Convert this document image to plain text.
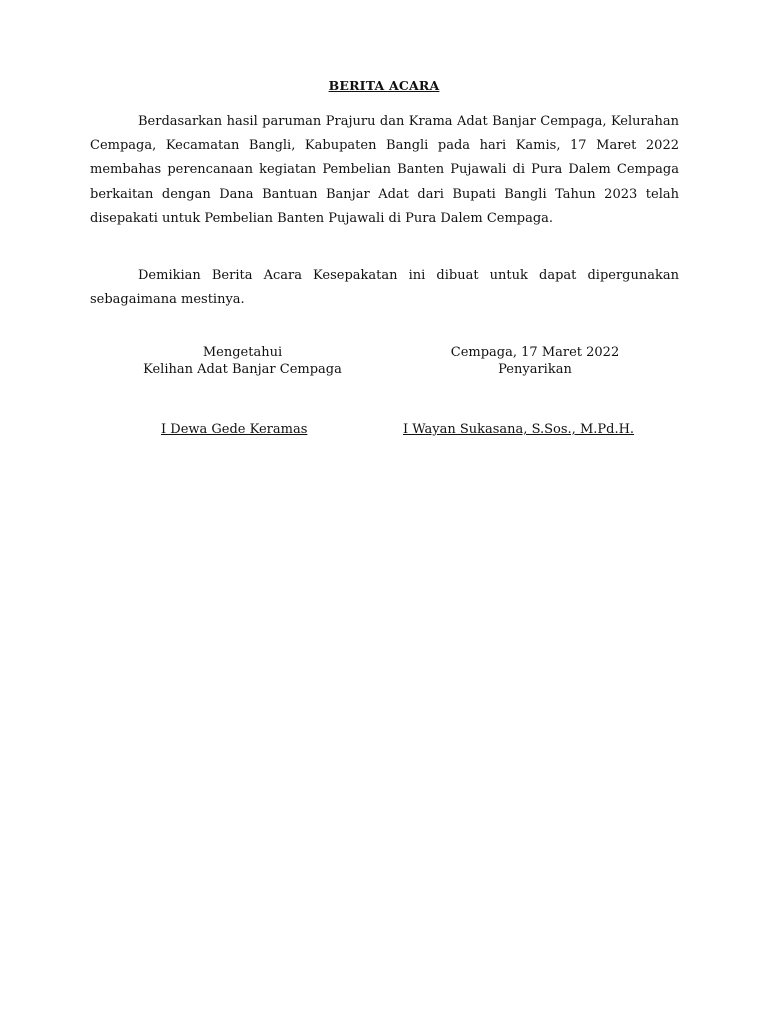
BERITA ACARA

Berdasarkan hasil paruman Prajuru dan Krama Adat Banjar Cempaga, Kelurahan Cempaga, Kecamatan Bangli, Kabupaten Bangli pada hari Kamis, 17 Maret 2022 membahas perencanaan kegiatan Pembelian Banten Pujawali di Pura Dalem Cempaga berkaitan dengan Dana Bantuan Banjar Adat dari Bupati Bangli Tahun 2023 telah disepakati untuk Pembelian Banten Pujawali di Pura Dalem Cempaga.

Demikian Berita Acara Kesepakatan ini dibuat untuk dapat dipergunakan sebagaimana mestinya.

Mengetahui
Kelihan Adat Banjar Cempaga
Cempaga, 17 Maret 2022
Penyarikan
I Dewa Gede Keramas	I Wayan Sukasana, S.Sos., M.Pd.H.
